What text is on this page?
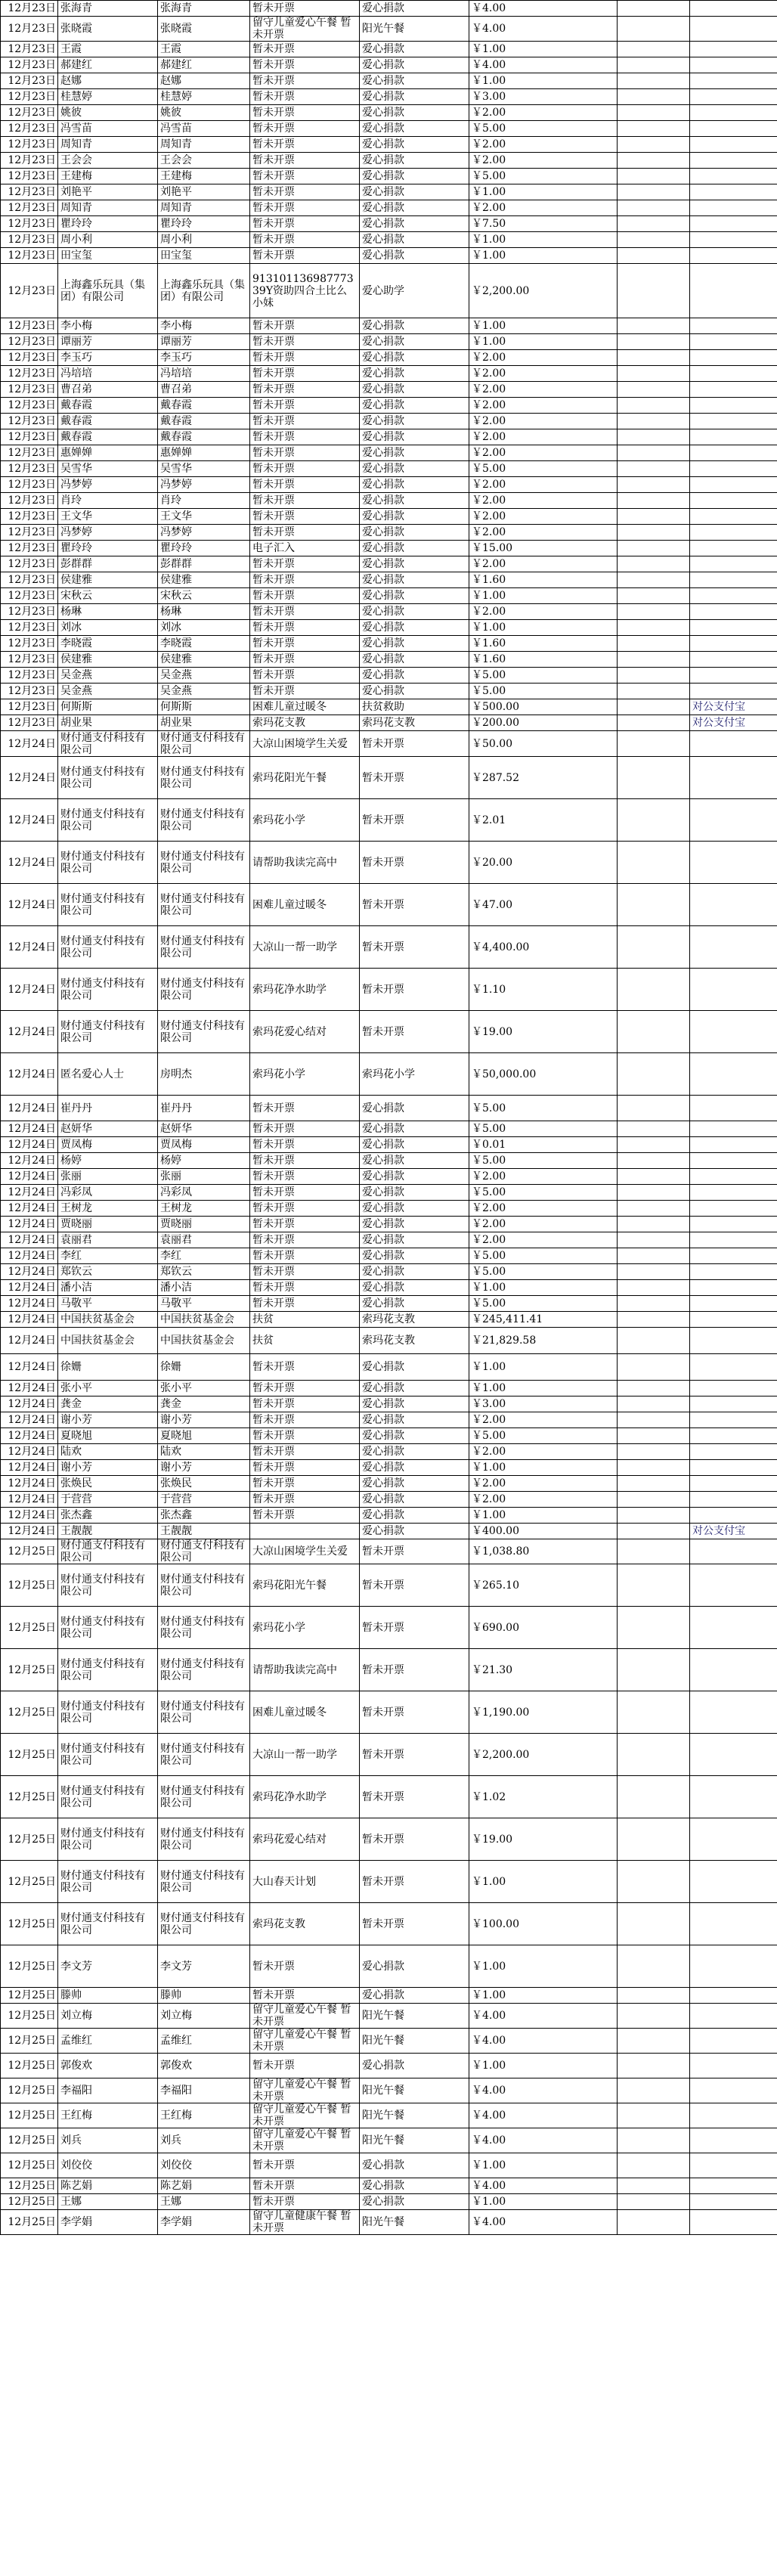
12月23日	张海青	张海青	暂未开票	爱心捐款	￥4.00		
12月23日	张晓霞	张晓霞	留守儿童爱心午餐 暂未开票	阳光午餐	￥4.00		
12月23日	王霞	王霞	暂未开票	爱心捐款	￥1.00		
12月23日	郝建红	郝建红	暂未开票	爱心捐款	￥4.00		
12月23日	赵娜	赵娜	暂未开票	爱心捐款	￥1.00		
12月23日	桂慧婷	桂慧婷	暂未开票	爱心捐款	￥3.00		
12月23日	姚彼	姚彼	暂未开票	爱心捐款	￥2.00		
12月23日	冯雪苗	冯雪苗	暂未开票	爱心捐款	￥5.00		
12月23日	周知青	周知青	暂未开票	爱心捐款	￥2.00		
12月23日	王会会	王会会	暂未开票	爱心捐款	￥2.00		
12月23日	王建梅	王建梅	暂未开票	爱心捐款	￥5.00		
12月23日	刘艳平	刘艳平	暂未开票	爱心捐款	￥1.00		
12月23日	周知青	周知青	暂未开票	爱心捐款	￥2.00		
12月23日	瞿玲玲	瞿玲玲	暂未开票	爱心捐款	￥7.50		
12月23日	周小利	周小利	暂未开票	爱心捐款	￥1.00		
12月23日	田宝玺	田宝玺	暂未开票	爱心捐款	￥1.00		
12月23日	上海鑫乐玩具（集团）有限公司	上海鑫乐玩具（集团）有限公司	913101136987773 39Y资助四合土比么小妹	爱心助学	￥2,200.00		
12月23日	李小梅	李小梅	暂未开票	爱心捐款	￥1.00		
12月23日	谭丽芳	谭丽芳	暂未开票	爱心捐款	￥1.00		
12月23日	李玉巧	李玉巧	暂未开票	爱心捐款	￥2.00		
12月23日	冯培培	冯培培	暂未开票	爱心捐款	￥2.00		
12月23日	曹召弟	曹召弟	暂未开票	爱心捐款	￥2.00		
12月23日	戴春霞	戴春霞	暂未开票	爱心捐款	￥2.00		
12月23日	戴春霞	戴春霞	暂未开票	爱心捐款	￥2.00		
12月23日	戴春霞	戴春霞	暂未开票	爱心捐款	￥2.00		
12月23日	惠婵婵	惠婵婵	暂未开票	爱心捐款	￥2.00		
12月23日	吴雪华	吴雪华	暂未开票	爱心捐款	￥5.00		
12月23日	冯梦婷	冯梦婷	暂未开票	爱心捐款	￥2.00		
12月23日	肖玲	肖玲	暂未开票	爱心捐款	￥2.00		
12月23日	王文华	王文华	暂未开票	爱心捐款	￥2.00		
12月23日	冯梦婷	冯梦婷	暂未开票	爱心捐款	￥2.00		
12月23日	瞿玲玲	瞿玲玲	电子汇入	爱心捐款	￥15.00		
12月23日	彭群群	彭群群	暂未开票	爱心捐款	￥2.00		
12月23日	侯建雅	侯建雅	暂未开票	爱心捐款	￥1.60		
12月23日	宋秋云	宋秋云	暂未开票	爱心捐款	￥1.00		
12月23日	杨琳	杨琳	暂未开票	爱心捐款	￥2.00		
12月23日	刘冰	刘冰	暂未开票	爱心捐款	￥1.00		
12月23日	李晓霞	李晓霞	暂未开票	爱心捐款	￥1.60		
12月23日	侯建雅	侯建雅	暂未开票	爱心捐款	￥1.60		
12月23日	吴金燕	吴金燕	暂未开票	爱心捐款	￥5.00		
12月23日	吴金燕	吴金燕	暂未开票	爱心捐款	￥5.00		
12月23日	何斯斯	何斯斯	困难儿童过暖冬	扶贫救助	￥500.00		对公支付宝
12月23日	胡业果	胡业果	索玛花支教	索玛花支教	￥200.00		对公支付宝
12月24日	财付通支付科技有限公司	财付通支付科技有限公司	大凉山困境学生关爱	暂未开票	￥50.00		
12月24日	财付通支付科技有限公司	财付通支付科技有限公司	索玛花阳光午餐	暂未开票	￥287.52		
12月24日	财付通支付科技有限公司	财付通支付科技有限公司	索玛花小学	暂未开票	￥2.01		
12月24日	财付通支付科技有限公司	财付通支付科技有限公司	请帮助我读完高中	暂未开票	￥20.00		
12月24日	财付通支付科技有限公司	财付通支付科技有限公司	困难儿童过暖冬	暂未开票	￥47.00		
12月24日	财付通支付科技有限公司	财付通支付科技有限公司	大凉山一帮一助学	暂未开票	￥4,400.00		
12月24日	财付通支付科技有限公司	财付通支付科技有限公司	索玛花净水助学	暂未开票	￥1.10		
12月24日	财付通支付科技有限公司	财付通支付科技有限公司	索玛花爱心结对	暂未开票	￥19.00		
12月24日	匿名爱心人士	房明杰	索玛花小学	索玛花小学	￥50,000.00		
12月24日	崔丹丹	崔丹丹	暂未开票	爱心捐款	￥5.00		
12月24日	赵妍华	赵妍华	暂未开票	爱心捐款	￥5.00		
12月24日	贾凤梅	贾凤梅	暂未开票	爱心捐款	￥0.01		
12月24日	杨婷	杨婷	暂未开票	爱心捐款	￥5.00		
12月24日	张丽	张丽	暂未开票	爱心捐款	￥2.00		
12月24日	冯彩凤	冯彩凤	暂未开票	爱心捐款	￥5.00		
12月24日	王树龙	王树龙	暂未开票	爱心捐款	￥2.00		
12月24日	贾晓丽	贾晓丽	暂未开票	爱心捐款	￥2.00		
12月24日	袁丽君	袁丽君	暂未开票	爱心捐款	￥2.00		
12月24日	李红	李红	暂未开票	爱心捐款	￥5.00		
12月24日	郑钦云	郑钦云	暂未开票	爱心捐款	￥5.00		
12月24日	潘小洁	潘小洁	暂未开票	爱心捐款	￥1.00		
12月24日	马敬平	马敬平	暂未开票	爱心捐款	￥5.00		
12月24日	中国扶贫基金会	中国扶贫基金会	扶贫	索玛花支教	￥245,411.41		
12月24日	中国扶贫基金会	中国扶贫基金会	扶贫	索玛花支教	￥21,829.58		
12月24日	徐姗	徐姗	暂未开票	爱心捐款	￥1.00		
12月24日	张小平	张小平	暂未开票	爱心捐款	￥1.00		
12月24日	龚金	龚金	暂未开票	爱心捐款	￥3.00		
12月24日	谢小芳	谢小芳	暂未开票	爱心捐款	￥2.00		
12月24日	夏晓旭	夏晓旭	暂未开票	爱心捐款	￥5.00		
12月24日	陆欢	陆欢	暂未开票	爱心捐款	￥2.00		
12月24日	谢小芳	谢小芳	暂未开票	爱心捐款	￥1.00		
12月24日	张焕民	张焕民	暂未开票	爱心捐款	￥2.00		
12月24日	于营营	于营营	暂未开票	爱心捐款	￥2.00		
12月24日	张杰鑫	张杰鑫	暂未开票	爱心捐款	￥1.00		
12月24日	王靓靓	王靓靓		爱心捐款	￥400.00		对公支付宝
12月25日	财付通支付科技有限公司	财付通支付科技有限公司	大凉山困境学生关爱	暂未开票	￥1,038.80		
12月25日	财付通支付科技有限公司	财付通支付科技有限公司	索玛花阳光午餐	暂未开票	￥265.10		
12月25日	财付通支付科技有限公司	财付通支付科技有限公司	索玛花小学	暂未开票	￥690.00		
12月25日	财付通支付科技有限公司	财付通支付科技有限公司	请帮助我读完高中	暂未开票	￥21.30		
12月25日	财付通支付科技有限公司	财付通支付科技有限公司	困难儿童过暖冬	暂未开票	￥1,190.00		
12月25日	财付通支付科技有限公司	财付通支付科技有限公司	大凉山一帮一助学	暂未开票	￥2,200.00		
12月25日	财付通支付科技有限公司	财付通支付科技有限公司	索玛花净水助学	暂未开票	￥1.02		
12月25日	财付通支付科技有限公司	财付通支付科技有限公司	索玛花爱心结对	暂未开票	￥19.00		
12月25日	财付通支付科技有限公司	财付通支付科技有限公司	大山春天计划	暂未开票	￥1.00		
12月25日	财付通支付科技有限公司	财付通支付科技有限公司	索玛花支教	暂未开票	￥100.00		
12月25日	李文芳	李文芳	暂未开票	爱心捐款	￥1.00		
12月25日	滕帅	滕帅	暂未开票	爱心捐款	￥1.00		
12月25日	刘立梅	刘立梅	留守儿童爱心午餐 暂未开票	阳光午餐	￥4.00		
12月25日	孟维红	孟维红	留守儿童爱心午餐 暂未开票	阳光午餐	￥4.00		
12月25日	郭俊欢	郭俊欢	暂未开票	爱心捐款	￥1.00		
12月25日	李福阳	李福阳	留守儿童爱心午餐 暂未开票	阳光午餐	￥4.00		
12月25日	王红梅	王红梅	留守儿童爱心午餐 暂未开票	阳光午餐	￥4.00		
12月25日	刘兵	刘兵	留守儿童爱心午餐 暂未开票	阳光午餐	￥4.00		
12月25日	刘佼佼	刘佼佼	暂未开票	爱心捐款	￥1.00		
12月25日	陈艺娟	陈艺娟	暂未开票	爱心捐款	￥4.00		
12月25日	王娜	王娜	暂未开票	爱心捐款	￥1.00		
12月25日	李学娟	李学娟	留守儿童健康午餐 暂未开票	阳光午餐	￥4.00		
